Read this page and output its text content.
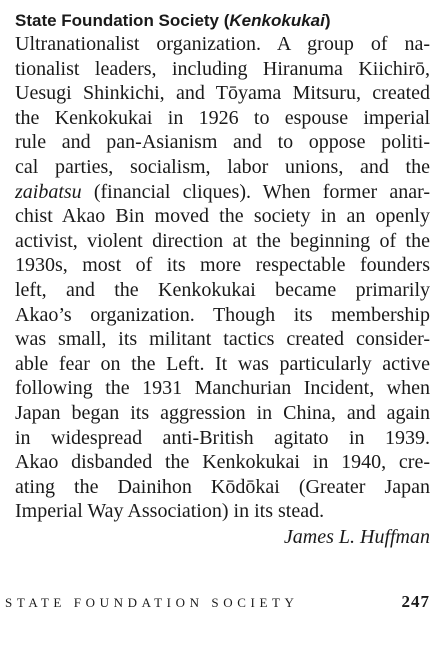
State Foundation Society (Kenkokukai)
Ultranationalist organization. A group of na-
tionalist leaders, including Hiranuma Kiichirō,
Uesugi Shinkichi, and Tōyama Mitsuru, created
the Kenkokukai in 1926 to espouse imperial
rule and pan-Asianism and to oppose politi-
cal parties, socialism, labor unions, and the
zaibatsu (financial cliques). When former anar-
chist Akao Bin moved the society in an openly
activist, violent direction at the beginning of the
1930s, most of its more respectable founders
left, and the Kenkokukai became primarily
Akao’s organization. Though its membership
was small, its militant tactics created consider-
able fear on the Left. It was particularly active
following the 1931 Manchurian Incident, when
Japan began its aggression in China, and again
in widespread anti-British agitato in 1939.
Akao disbanded the Kenkokukai in 1940, cre-
ating the Dainihon Kōdōkai (Greater Japan
Imperial Way Association) in its stead.

James L. Huffman

STATE FOUNDATION SOCIETY	247
